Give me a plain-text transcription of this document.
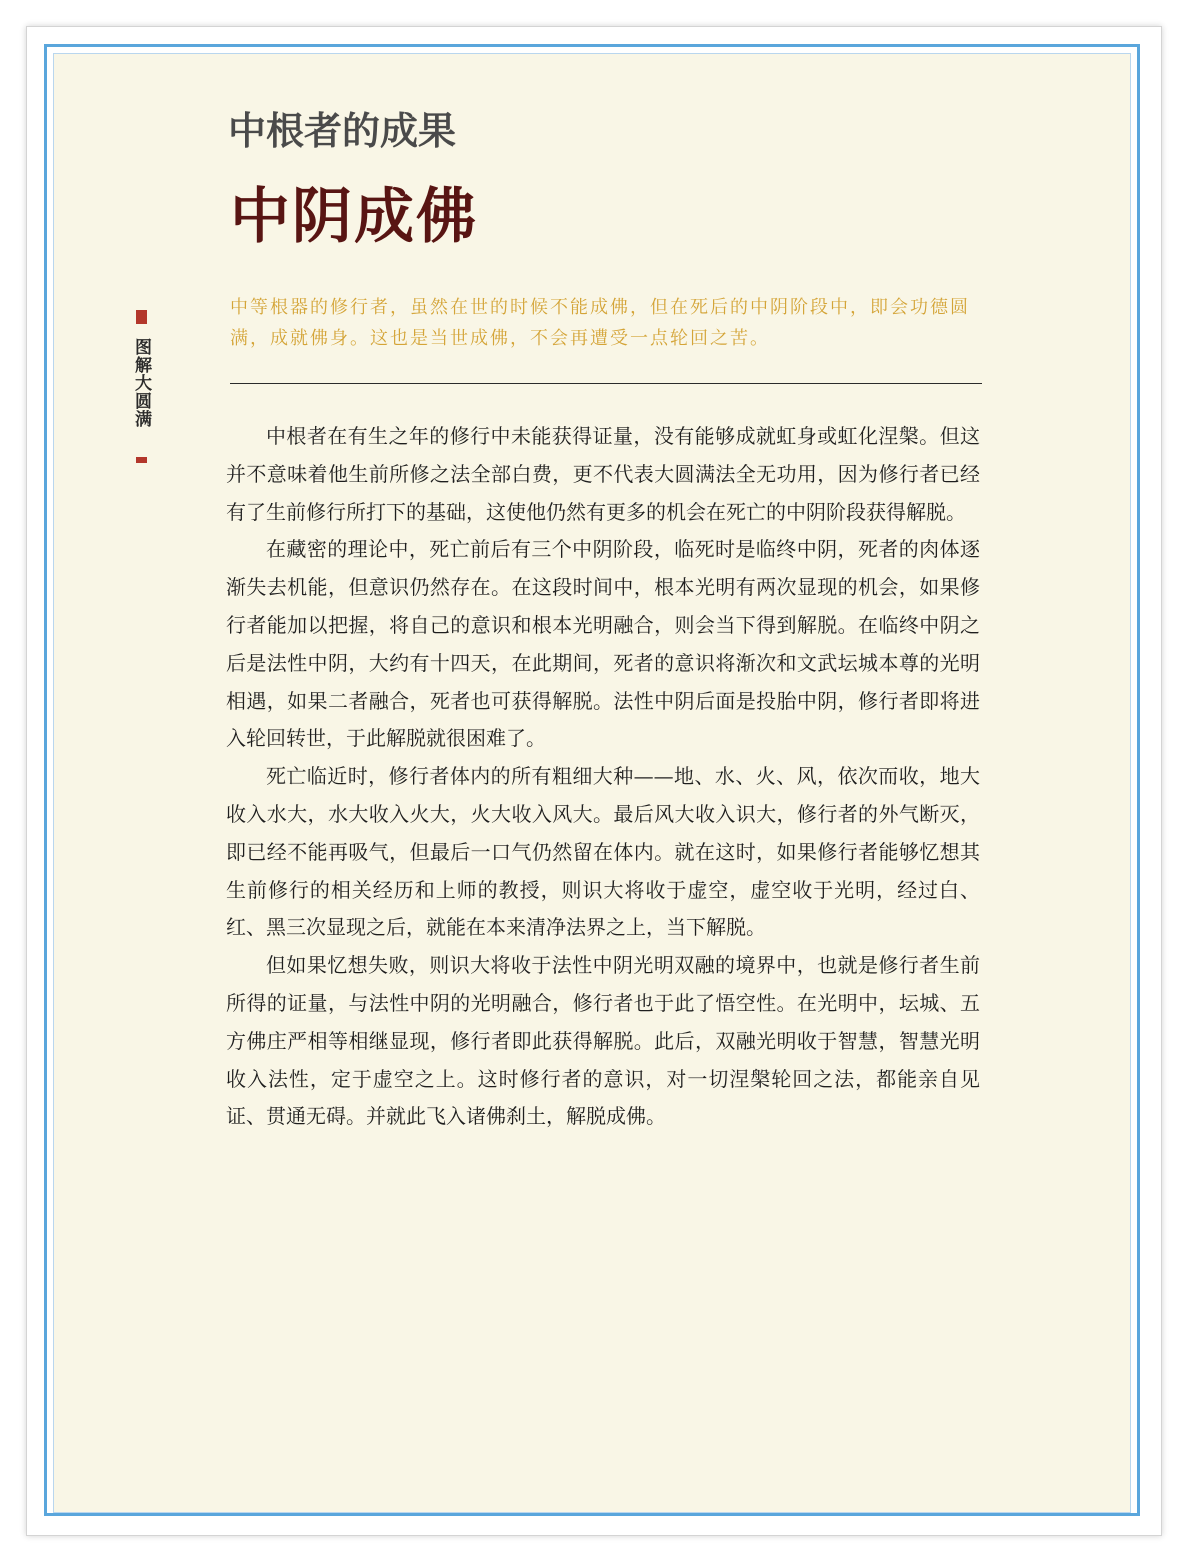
图解大圆满
中根者的成果
中阴成佛

中等根器的修行者，虽然在世的时候不能成佛，但在死后的中阴阶段中，即会功德圆满，成就佛身。这也是当世成佛，不会再遭受一点轮回之苦。

中根者在有生之年的修行中未能获得证量，没有能够成就虹身或虹化涅槃。但这并不意味着他生前所修之法全部白费，更不代表大圆满法全无功用，因为修行者已经有了生前修行所打下的基础，这使他仍然有更多的机会在死亡的中阴阶段获得解脱。

在藏密的理论中，死亡前后有三个中阴阶段，临死时是临终中阴，死者的肉体逐渐失去机能，但意识仍然存在。在这段时间中，根本光明有两次显现的机会，如果修行者能加以把握，将自己的意识和根本光明融合，则会当下得到解脱。在临终中阴之后是法性中阴，大约有十四天，在此期间，死者的意识将渐次和文武坛城本尊的光明相遇，如果二者融合，死者也可获得解脱。法性中阴后面是投胎中阴，修行者即将进入轮回转世，于此解脱就很困难了。

死亡临近时，修行者体内的所有粗细大种——地、水、火、风，依次而收，地大收入水大，水大收入火大，火大收入风大。最后风大收入识大，修行者的外气断灭，即已经不能再吸气，但最后一口气仍然留在体内。就在这时，如果修行者能够忆想其生前修行的相关经历和上师的教授，则识大将收于虚空，虚空收于光明，经过白、红、黑三次显现之后，就能在本来清净法界之上，当下解脱。

但如果忆想失败，则识大将收于法性中阴光明双融的境界中，也就是修行者生前所得的证量，与法性中阴的光明融合，修行者也于此了悟空性。在光明中，坛城、五方佛庄严相等相继显现，修行者即此获得解脱。此后，双融光明收于智慧，智慧光明收入法性，定于虚空之上。这时修行者的意识，对一切涅槃轮回之法，都能亲自见证、贯通无碍。并就此飞入诸佛刹土，解脱成佛。
